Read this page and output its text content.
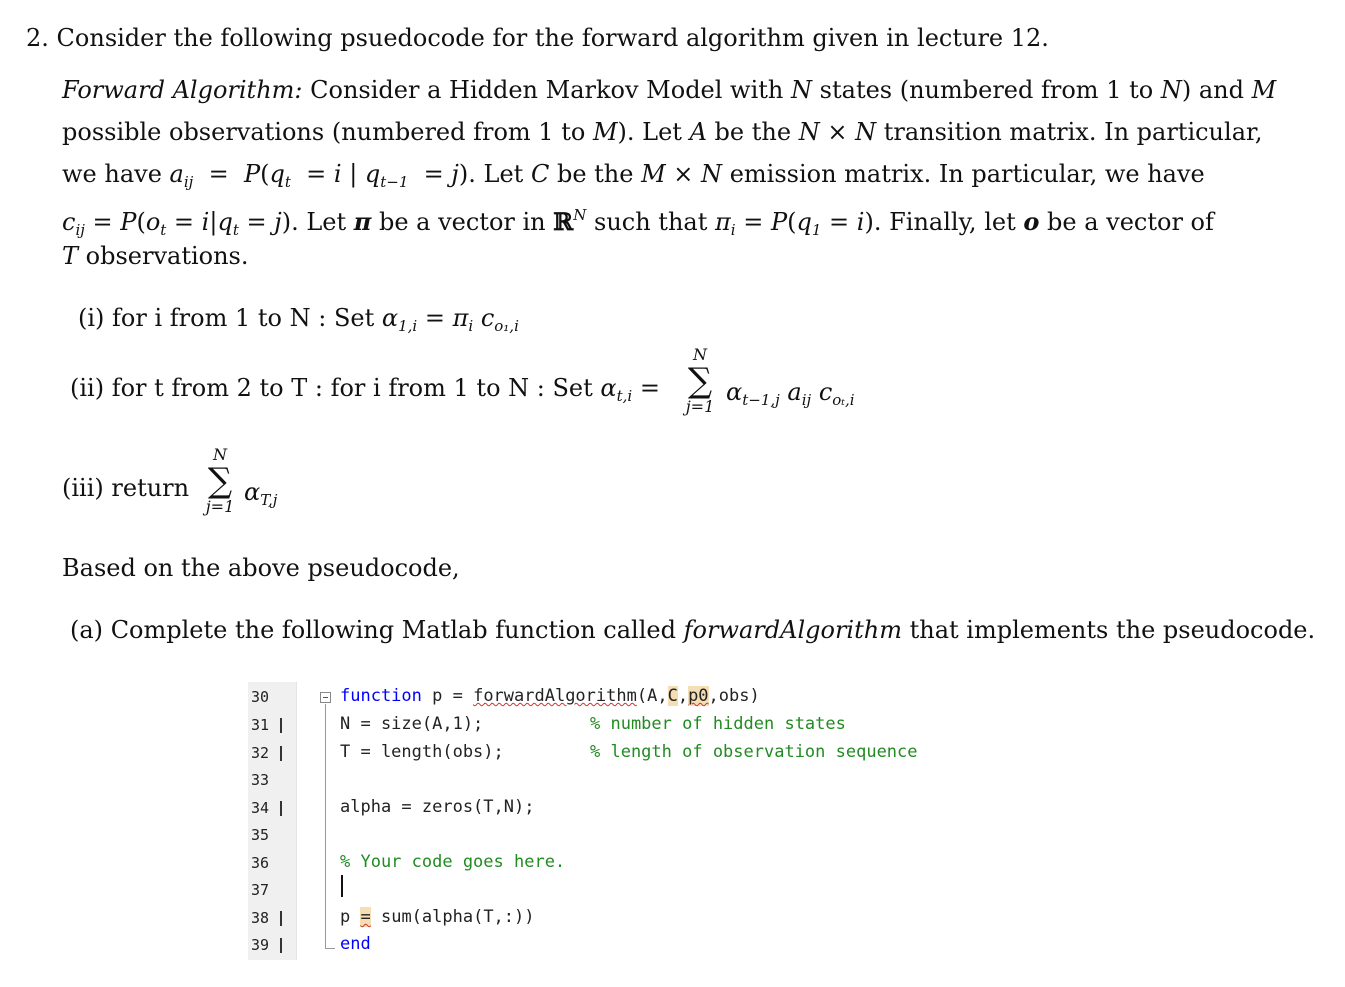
2. Consider the following psuedocode for the forward algorithm given in lecture 12.
Forward Algorithm: Consider a Hidden Markov Model with N states (numbered from 1 to N) and M
possible observations (numbered from 1 to M). Let A be the N × N transition matrix. In particular,
we have $a_{ij} = P(q_t = i$ | $q_{t-1} = j$). Let C be the M × N emission matrix. In particular, we have
$c_{ij} = P(o_t = i|q_t = j)$. Let π be a vector in ℝ$^N$ such that $\pi_i = P(q_1 = i)$. Finally, let o be a vector of
T observations.
(i) for i from 1 to N : Set $\alpha_{1,i} = \pi_i$ $c_{o_1,i}$
(ii) for t from 2 to T : for i from 1 to N : Set $\alpha_{t,i}$ =
N
∑
j=1
$\alpha_{t-1,j}$ $a_{ij}$ $c_{o_t,i}$
(iii) return
N
∑
j=1
$\alpha_{T,j}$
Based on the above pseudocode,
(a) Complete the following Matlab function called forwardAlgorithm that implements the pseudocode.
30
31
32
33
34
35
36
37
38
39
function p = forwardAlgorithm(A,C,p0,obs)
N = size(A,1);	% number of hidden states
T = length(obs);	% length of observation sequence
alpha = zeros(T,N);
% Your code goes here.
p = sum(alpha(T,:))
end
